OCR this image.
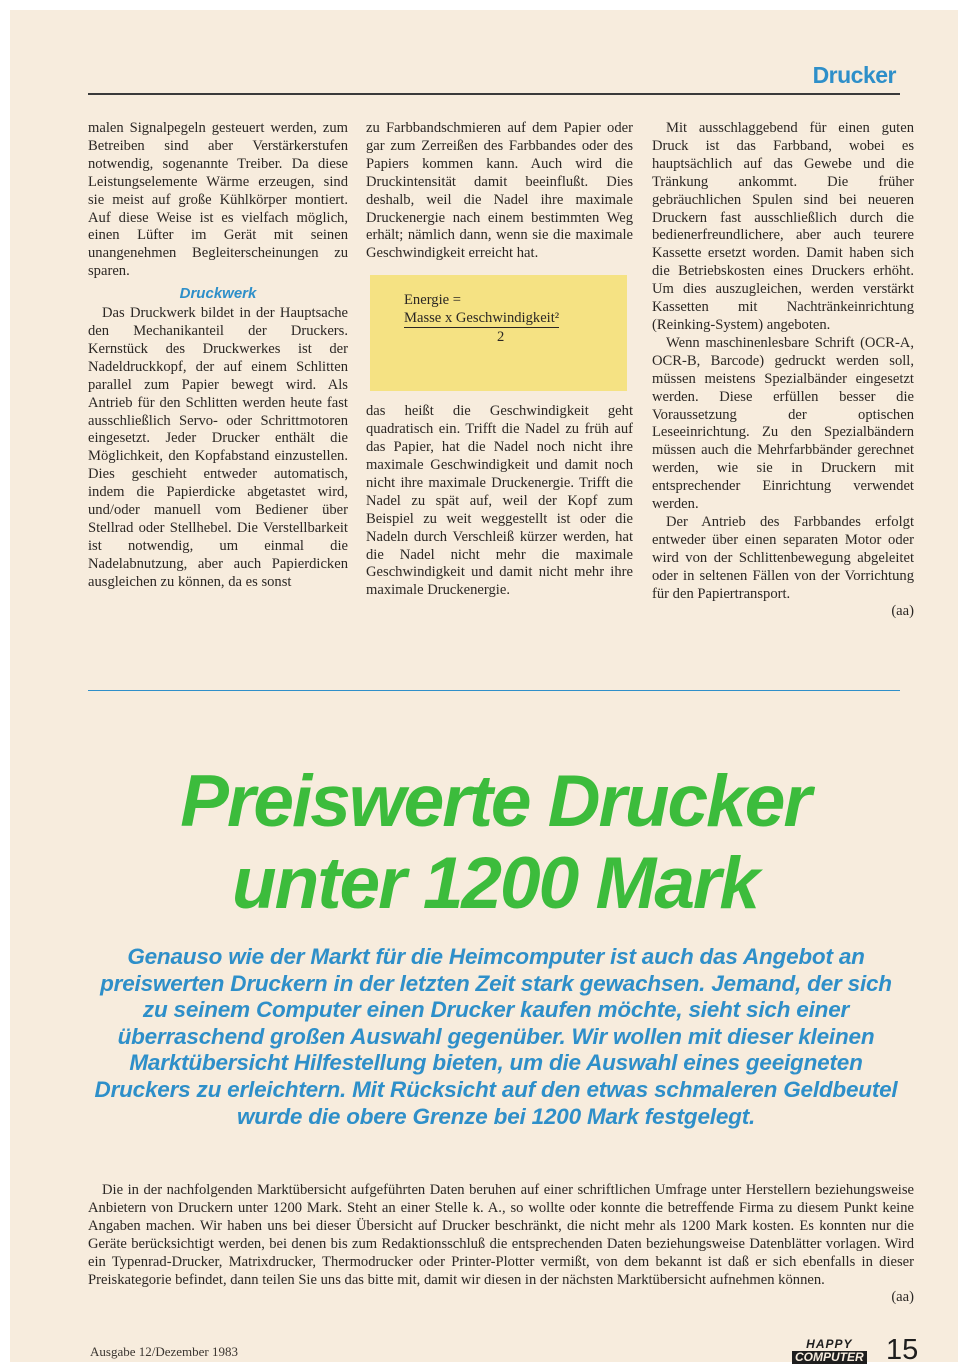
Drucker

malen Signalpegeln gesteuert werden, zum Betreiben sind aber Verstärkerstufen notwendig, sogenannte Treiber. Da diese Leistungselemente Wärme erzeugen, sind sie meist auf große Kühlkörper montiert. Auf diese Weise ist es vielfach möglich, einen Lüfter im Gerät mit seinen unangenehmen Begleiterscheinungen zu sparen.

Druckwerk

Das Druckwerk bildet in der Hauptsache den Mechanikanteil der Druckers. Kernstück des Druckwerkes ist der Nadeldruckkopf, der auf einem Schlitten parallel zum Papier bewegt wird. Als Antrieb für den Schlitten werden heute fast ausschließlich Servo- oder Schrittmotoren eingesetzt. Jeder Drucker enthält die Möglichkeit, den Kopfabstand einzustellen. Dies geschieht entweder automatisch, indem die Papierdicke abgetastet wird, und/oder manuell vom Bediener über Stellrad oder Stellhebel. Die Verstellbarkeit ist notwendig, um einmal die Nadelabnutzung, aber auch Papierdicken ausgleichen zu können, da es sonst

zu Farbbandschmieren auf dem Papier oder gar zum Zerreißen des Farbbandes oder des Papiers kommen kann. Auch wird die Druckintensität damit beeinflußt. Dies deshalb, weil die Nadel ihre maximale Druckenergie nach einem bestimmten Weg erhält; nämlich dann, wenn sie die maximale Geschwindigkeit erreicht hat.

Energie =
Masse x Geschwindigkeit²
2

das heißt die Geschwindigkeit geht quadratisch ein. Trifft die Nadel zu früh auf das Papier, hat die Nadel noch nicht ihre maximale Geschwindigkeit und damit noch nicht ihre maximale Druckenergie. Trifft die Nadel zu spät auf, weil der Kopf zum Beispiel zu weit weggestellt ist oder die Nadeln durch Verschleiß kürzer werden, hat die Nadel nicht mehr die maximale Geschwindigkeit und damit nicht mehr ihre maximale Druckenergie.

Mit ausschlaggebend für einen guten Druck ist das Farbband, wobei es hauptsächlich auf das Gewebe und die Tränkung ankommt. Die früher gebräuchlichen Spulen sind bei neueren Druckern fast ausschließlich durch die bedienerfreundlichere, aber auch teurere Kassette ersetzt worden. Damit haben sich die Betriebskosten eines Druckers erhöht. Um dies auszugleichen, werden verstärkt Kassetten mit Nachtränkeinrichtung (Reinking-System) angeboten.

Wenn maschinenlesbare Schrift (OCR-A, OCR-B, Barcode) gedruckt werden soll, müssen meistens Spezialbänder eingesetzt werden. Diese erfüllen besser die Voraussetzung der optischen Leseeinrichtung. Zu den Spezialbändern müssen auch die Mehrfarbbänder gerechnet werden, wie sie in Druckern mit entsprechender Einrichtung verwendet werden.

Der Antrieb des Farbbandes erfolgt entweder über einen separaten Motor oder wird von der Schlittenbewegung abgeleitet oder in seltenen Fällen von der Vorrichtung für den Papiertransport.

(aa)
Preiswerte Drucker
unter 1200 Mark
Genauso wie der Markt für die Heimcomputer ist auch das Angebot an preiswerten Druckern in der letzten Zeit stark gewachsen. Jemand, der sich zu seinem Computer einen Drucker kaufen möchte, sieht sich einer überraschend großen Auswahl gegenüber. Wir wollen mit dieser kleinen Marktübersicht Hilfestellung bieten, um die Auswahl eines geeigneten Druckers zu erleichtern. Mit Rücksicht auf den etwas schmaleren Geldbeutel wurde die obere Grenze bei 1200 Mark festgelegt.

Die in der nachfolgenden Marktübersicht aufgeführten Daten beruhen auf einer schriftlichen Umfrage unter Herstellern beziehungsweise Anbietern von Druckern unter 1200 Mark. Steht an einer Stelle k. A., so wollte oder konnte die betreffende Firma zu diesem Punkt keine Angaben machen. Wir haben uns bei dieser Übersicht auf Drucker beschränkt, die nicht mehr als 1200 Mark kosten. Es konnten nur die Geräte berücksichtigt werden, bei denen bis zum Redaktionsschluß die entsprechenden Daten beziehungsweise Datenblätter vorlagen. Wird ein Typenrad-Drucker, Matrixdrucker, Thermodrucker oder Printer-Plotter vermißt, von dem bekannt ist daß er sich ebenfalls in dieser Preiskategorie befindet, dann teilen Sie uns das bitte mit, damit wir diesen in der nächsten Marktübersicht aufnehmen können.

(aa)
Ausgabe 12/Dezember 1983	HAPPY
COMPUTER 15
